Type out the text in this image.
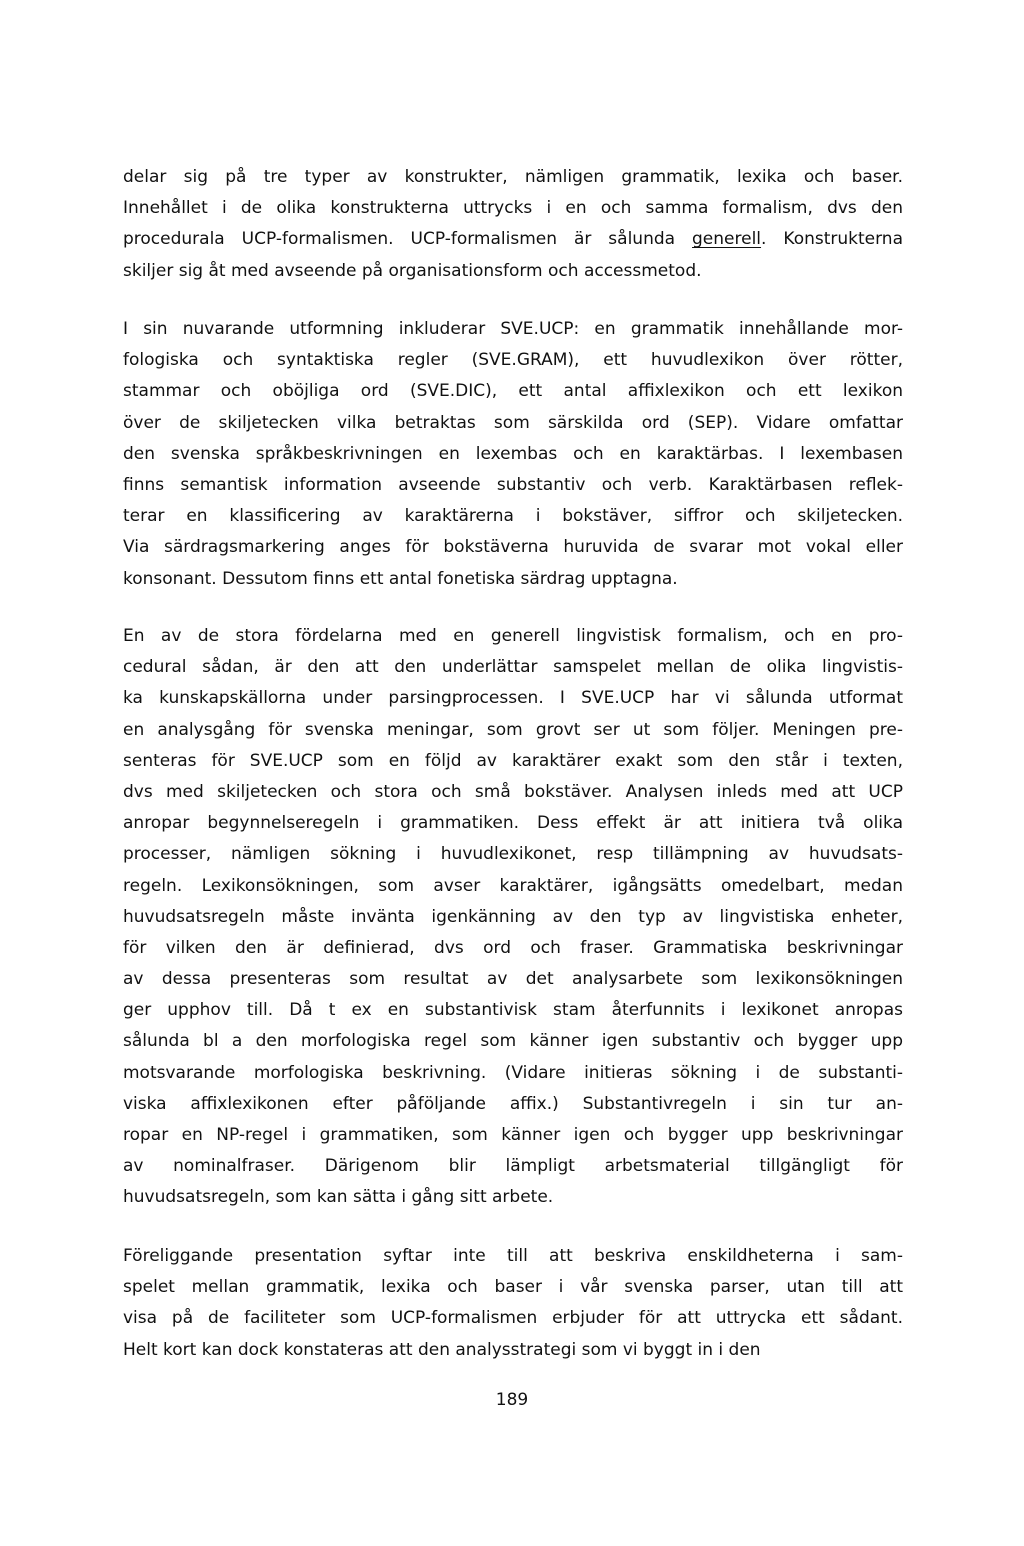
delar sig på tre typer av konstrukter, nämligen grammatik, lexika och baser.
Innehållet i de olika konstrukterna uttrycks i en och samma formalism, dvs den
procedurala UCP-formalismen. UCP-formalismen är sålunda generell. Konstrukterna
skiljer sig åt med avseende på organisationsform och accessmetod.
I sin nuvarande utformning inkluderar SVE.UCP: en grammatik innehållande mor-
fologiska och syntaktiska regler (SVE.GRAM), ett huvudlexikon över rötter,
stammar och oböjliga ord (SVE.DIC), ett antal affixlexikon och ett lexikon
över de skiljetecken vilka betraktas som särskilda ord (SEP). Vidare omfattar
den svenska språkbeskrivningen en lexembas och en karaktärbas. I lexembasen
finns semantisk information avseende substantiv och verb. Karaktärbasen reflek-
terar en klassificering av karaktärerna i bokstäver, siffror och skiljetecken.
Via särdragsmarkering anges för bokstäverna huruvida de svarar mot vokal eller
konsonant. Dessutom finns ett antal fonetiska särdrag upptagna.
En av de stora fördelarna med en generell lingvistisk formalism, och en pro-
cedural sådan, är den att den underlättar samspelet mellan de olika lingvistis-
ka kunskapskällorna under parsingprocessen. I SVE.UCP har vi sålunda utformat
en analysgång för svenska meningar, som grovt ser ut som följer. Meningen pre-
senteras för SVE.UCP som en följd av karaktärer exakt som den står i texten,
dvs med skiljetecken och stora och små bokstäver. Analysen inleds med att UCP
anropar begynnelseregeln i grammatiken. Dess effekt är att initiera två olika
processer, nämligen sökning i huvudlexikonet, resp tillämpning av huvudsats-
regeln. Lexikonsökningen, som avser karaktärer, igångsätts omedelbart, medan
huvudsatsregeln måste invänta igenkänning av den typ av lingvistiska enheter,
för vilken den är definierad, dvs ord och fraser. Grammatiska beskrivningar
av dessa presenteras som resultat av det analysarbete som lexikonsökningen
ger upphov till. Då t ex en substantivisk stam återfunnits i lexikonet anropas
sålunda bl a den morfologiska regel som känner igen substantiv och bygger upp
motsvarande morfologiska beskrivning. (Vidare initieras sökning i de substanti-
viska affixlexikonen efter påföljande affix.) Substantivregeln i sin tur an-
ropar en NP-regel i grammatiken, som känner igen och bygger upp beskrivningar
av nominalfraser. Därigenom blir lämpligt arbetsmaterial tillgängligt för
huvudsatsregeln, som kan sätta i gång sitt arbete.
Föreliggande presentation syftar inte till att beskriva enskildheterna i sam-
spelet mellan grammatik, lexika och baser i vår svenska parser, utan till att
visa på de faciliteter som UCP-formalismen erbjuder för att uttrycka ett sådant.
Helt kort kan dock konstateras att den analysstrategi som vi byggt in i den
189
